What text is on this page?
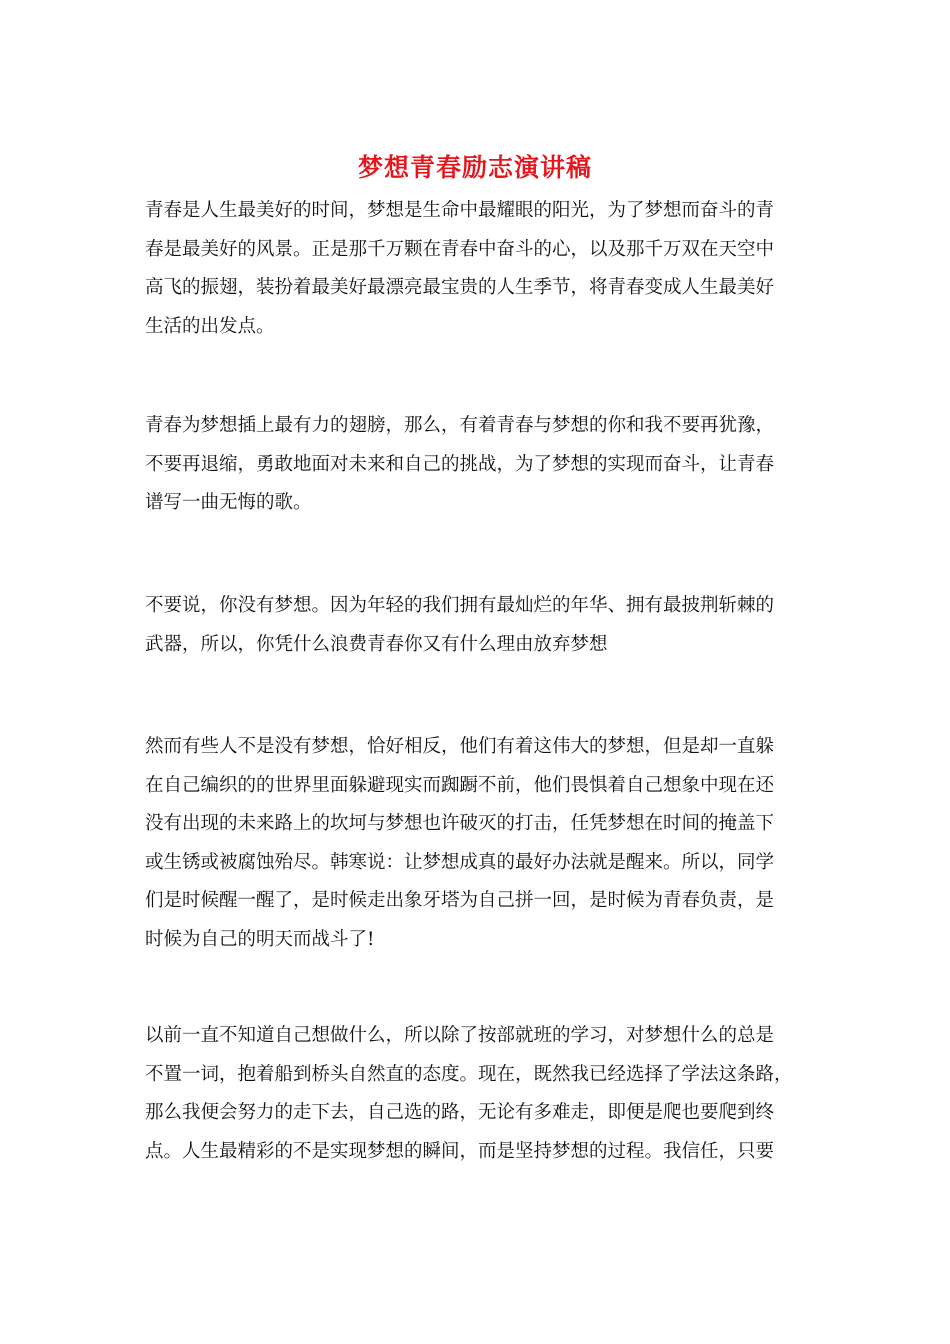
梦想青春励志演讲稿
青春是人生最美好的时间，梦想是生命中最耀眼的阳光，为了梦想而奋斗的青
春是最美好的风景。正是那千万颗在青春中奋斗的心，以及那千万双在天空中
高飞的振翅，装扮着最美好最漂亮最宝贵的人生季节，将青春变成人生最美好
生活的出发点。
青春为梦想插上最有力的翅膀，那么，有着青春与梦想的你和我不要再犹豫，
不要再退缩，勇敢地面对未来和自己的挑战，为了梦想的实现而奋斗，让青春
谱写一曲无悔的歌。
不要说，你没有梦想。因为年轻的我们拥有最灿烂的年华、拥有最披荆斩棘的
武器，所以，你凭什么浪费青春你又有什么理由放弃梦想
然而有些人不是没有梦想，恰好相反，他们有着这伟大的梦想，但是却一直躲
在自己编织的的世界里面躲避现实而踟蹰不前，他们畏惧着自己想象中现在还
没有出现的未来路上的坎坷与梦想也许破灭的打击，任凭梦想在时间的掩盖下
或生锈或被腐蚀殆尽。韩寒说：让梦想成真的最好办法就是醒来。所以，同学
们是时候醒一醒了，是时候走出象牙塔为自己拼一回，是时候为青春负责，是
时候为自己的明天而战斗了!
以前一直不知道自己想做什么，所以除了按部就班的学习，对梦想什么的总是
不置一词，抱着船到桥头自然直的态度。现在，既然我已经选择了学法这条路，
那么我便会努力的走下去，自己选的路，无论有多难走，即便是爬也要爬到终
点。人生最精彩的不是实现梦想的瞬间，而是坚持梦想的过程。我信任，只要
